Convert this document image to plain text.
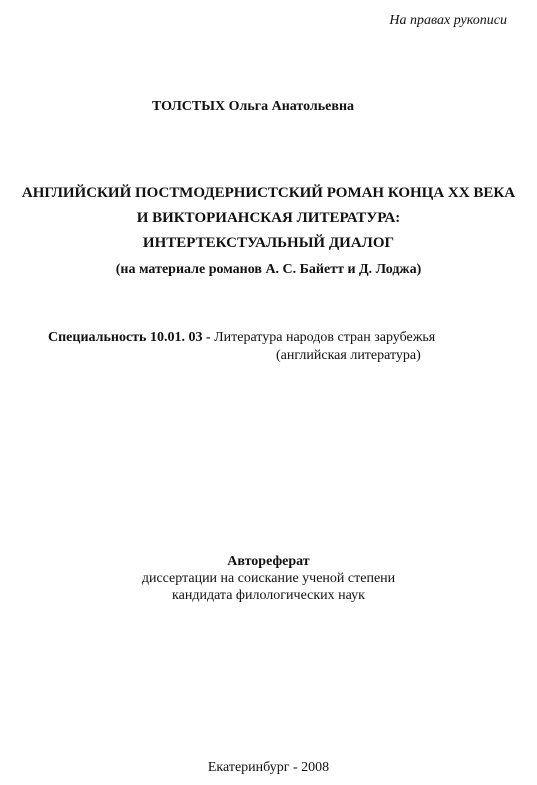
На правах рукописи
ТОЛСТЫХ Ольга Анатольевна
АНГЛИЙСКИЙ ПОСТМОДЕРНИСТСКИЙ РОМАН КОНЦА XX ВЕКА
И ВИКТОРИАНСКАЯ ЛИТЕРАТУРА:
ИНТЕРТЕКСТУАЛЬНЫЙ ДИАЛОГ
(на материале романов А. С. Байетт и Д. Лоджа)
Специальность 10.01. 03 - Литература народов стран зарубежья
(английская литература)
Автореферат
диссертации на соискание ученой степени
кандидата филологических наук
Екатеринбург - 2008
